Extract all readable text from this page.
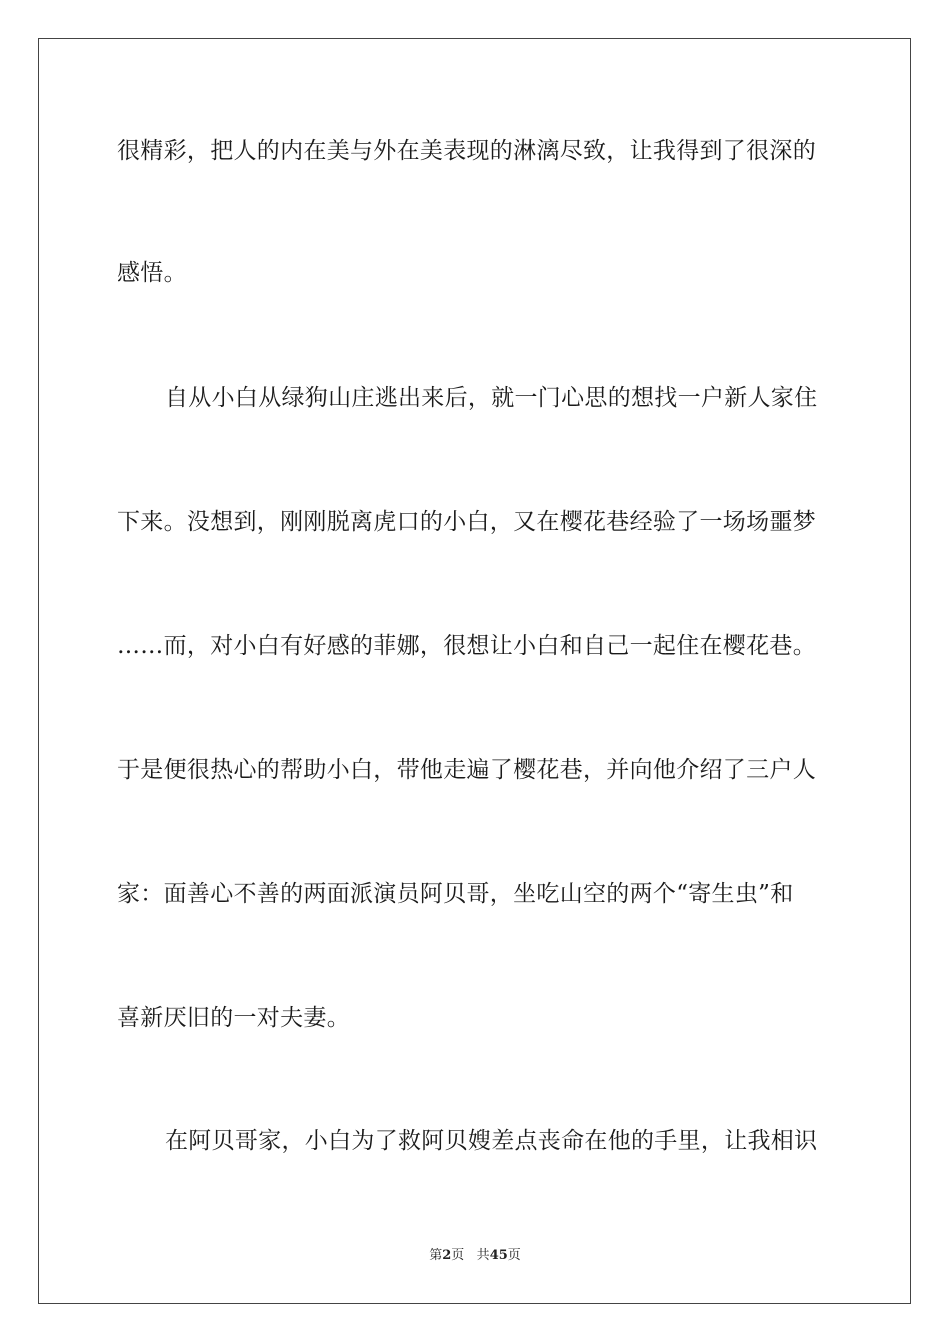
很精彩，把人的内在美与外在美表现的淋漓尽致，让我得到了很深的
感悟。
自从小白从绿狗山庄逃出来后，就一门心思的想找一户新人家住
下来。没想到，刚刚脱离虎口的小白，又在樱花巷经验了一场场噩梦
……而，对小白有好感的菲娜，很想让小白和自己一起住在樱花巷。
于是便很热心的帮助小白，带他走遍了樱花巷，并向他介绍了三户人
家：面善心不善的两面派演员阿贝哥，坐吃山空的两个“寄生虫”和
喜新厌旧的一对夫妻。
在阿贝哥家，小白为了救阿贝嫂差点丧命在他的手里，让我相识
第2页 共45页
